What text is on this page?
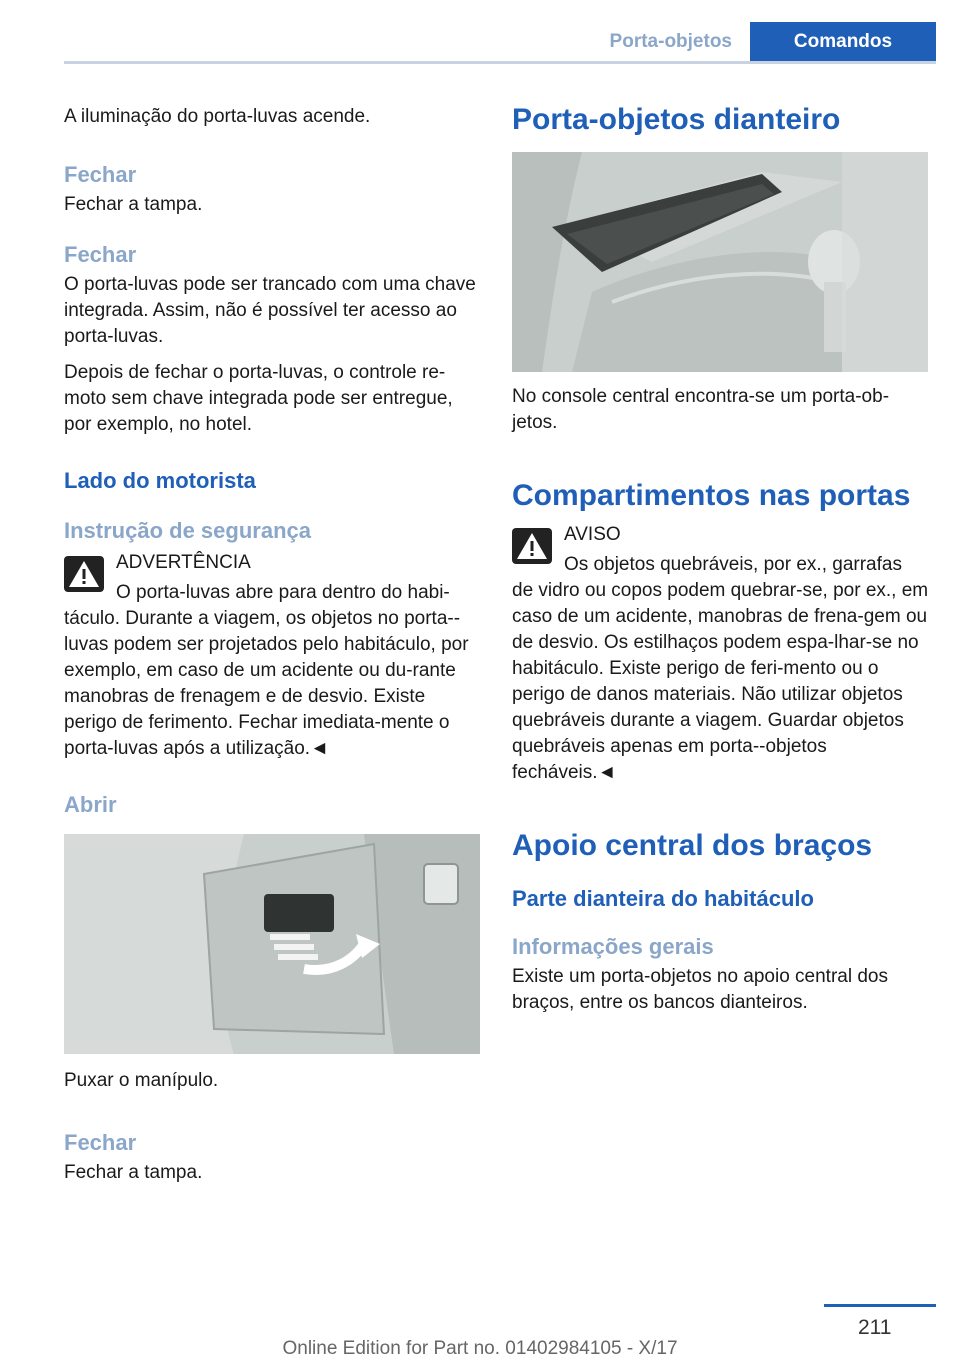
Porta-objetos	Comandos

A iluminação do porta-luvas acende.

Fechar

Fechar a tampa.

Fechar

O porta-luvas pode ser trancado com uma chave integrada. Assim, não é possível ter acesso ao porta-luvas.

Depois de fechar o porta-luvas, o controle re-moto sem chave integrada pode ser entregue, por exemplo, no hotel.

Lado do motorista
Instrução de segurança

ADVERTÊNCIA

O porta-luvas abre para dentro do habi-

táculo. Durante a viagem, os objetos no porta--luvas podem ser projetados pelo habitáculo, por exemplo, em caso de um acidente ou du-rante manobras de frenagem e de desvio. Existe perigo de ferimento. Fechar imediata-mente o porta-luvas após a utilização.◄

Abrir

Puxar o manípulo.

Fechar

Fechar a tampa.

Porta-objetos dianteiro

No console central encontra-se um porta-ob-jetos.

Compartimentos nas portas

AVISO

Os objetos quebráveis, por ex., garrafas

de vidro ou copos podem quebrar-se, por ex., em caso de um acidente, manobras de frena-gem ou de desvio. Os estilhaços podem espa-lhar-se no habitáculo. Existe perigo de feri-mento ou o perigo de danos materiais. Não utilizar objetos quebráveis durante a viagem. Guardar objetos quebráveis apenas em porta--objetos fecháveis.◄

Apoio central dos braços
Parte dianteira do habitáculo
Informações gerais

Existe um porta-objetos no apoio central dos braços, entre os bancos dianteiros.

211
Online Edition for Part no. 01402984105 - X/17
